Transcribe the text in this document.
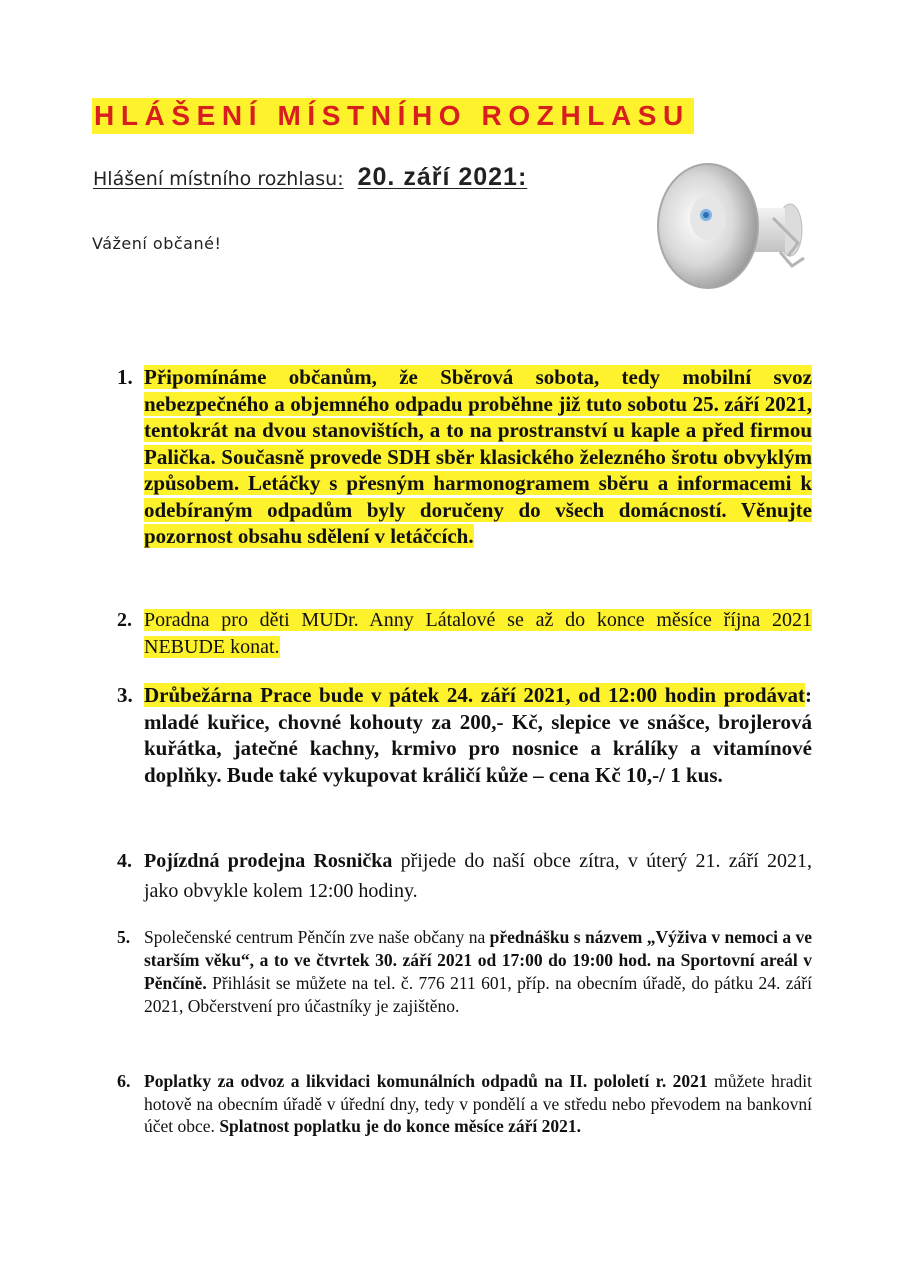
HLÁŠENÍ MÍSTNÍHO ROZHLASU
Hlášení místního rozhlasu: 20. září 2021:
Vážení občané!
1. Připomínáme občanům, že Sběrová sobota, tedy mobilní svoz nebezpečného a objemného odpadu proběhne již tuto sobotu 25. září 2021, tentokrát na dvou stanovištích, a to na prostranství u kaple a před firmou Palička. Současně provede SDH sběr klasického železného šrotu obvyklým způsobem. Letáčky s přesným harmonogramem sběru a informacemi k odebíraným odpadům byly doručeny do všech domácností. Věnujte pozornost obsahu sdělení v letáčcích.
2. Poradna pro děti MUDr. Anny Látalové se až do konce měsíce října 2021 NEBUDE konat.
3. Drůbežárna Prace bude v pátek 24. září 2021, od 12:00 hodin prodávat: mladé kuřice, chovné kohouty za 200,- Kč, slepice ve snášce, brojlerová kuřátka, jatečné kachny, krmivo pro nosnice a králíky a vitamínové doplňky. Bude také vykupovat králičí kůže – cena Kč 10,-/ 1 kus.
4. Pojízdná prodejna Rosnička přijede do naší obce zítra, v úterý 21. září 2021, jako obvykle kolem 12:00 hodiny.
5. Společenské centrum Pěnčín zve naše občany na přednášku s názvem „Výživa v nemoci a ve starším věku“, a to ve čtvrtek 30. září 2021 od 17:00 do 19:00 hod. na Sportovní areál v Pěnčíně. Přihlásit se můžete na tel. č. 776 211 601, příp. na obecním úřadě, do pátku 24. září 2021, Občerstvení pro účastníky je zajištěno.
6. Poplatky za odvoz a likvidaci komunálních odpadů na II. pololetí r. 2021 můžete hradit hotově na obecním úřadě v úřední dny, tedy v pondělí a ve středu nebo převodem na bankovní účet obce. Splatnost poplatku je do konce měsíce září 2021.
